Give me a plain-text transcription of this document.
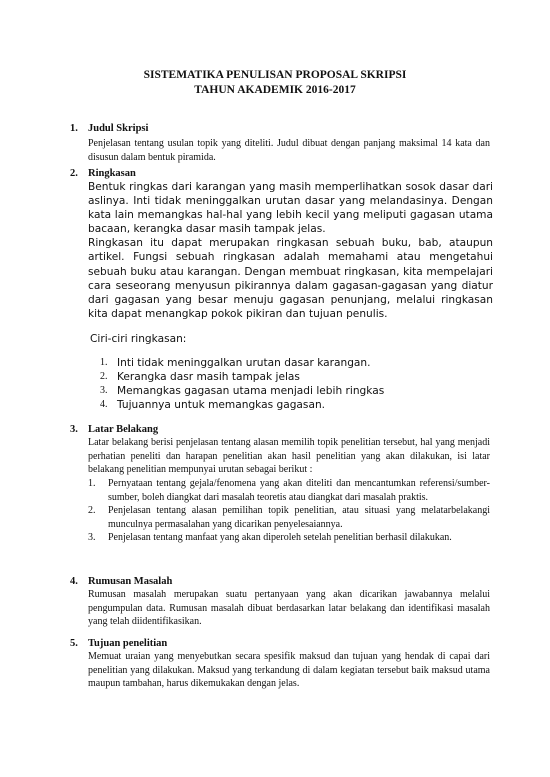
SISTEMATIKA PENULISAN PROPOSAL SKRIPSI
TAHUN AKADEMIK 2016-2017
1. Judul Skripsi
Penjelasan tentang usulan topik yang diteliti. Judul dibuat dengan panjang maksimal 14 kata dan disusun dalam bentuk piramida.
2. Ringkasan

Bentuk ringkas dari karangan yang masih memperlihatkan sosok dasar dari aslinya. Inti tidak meninggalkan urutan dasar yang melandasinya. Dengan kata lain memangkas hal-hal yang lebih kecil yang meliputi gagasan utama bacaan, kerangka dasar masih tampak jelas.

Ringkasan itu dapat merupakan ringkasan sebuah buku, bab, ataupun artikel. Fungsi sebuah ringkasan adalah memahami atau mengetahui sebuah buku atau karangan. Dengan membuat ringkasan, kita mempelajari cara seseorang menyusun pikirannya dalam gagasan-gagasan yang diatur dari gagasan yang besar menuju gagasan penunjang, melalui ringkasan kita dapat menangkap pokok pikiran dan tujuan penulis.

Ciri-ciri ringkasan:
1. Inti tidak meninggalkan urutan dasar karangan.
2. Kerangka dasr masih tampak jelas
3. Memangkas gagasan utama menjadi lebih ringkas
4. Tujuannya untuk memangkas gagasan.
3. Latar Belakang
Latar belakang berisi penjelasan tentang alasan memilih topik penelitian tersebut, hal yang menjadi perhatian peneliti dan harapan penelitian akan hasil penelitian yang akan dilakukan, isi latar belakang penelitian mempunyai urutan sebagai berikut :
1.	Pernyataan tentang gejala/fenomena yang akan diteliti dan mencantumkan referensi/sumber-sumber, boleh diangkat dari masalah teoretis atau diangkat dari masalah praktis.
2.	Penjelasan tentang alasan pemilihan topik penelitian, atau situasi yang melatarbelakangi munculnya permasalahan yang dicarikan penyelesaiannya.
3.	Penjelasan tentang manfaat yang akan diperoleh setelah penelitian berhasil dilakukan.
4. Rumusan Masalah
Rumusan masalah merupakan suatu pertanyaan yang akan dicarikan jawabannya melalui pengumpulan data. Rumusan masalah dibuat berdasarkan latar belakang dan identifikasi masalah yang telah diidentifikasikan.
5. Tujuan penelitian
Memuat uraian yang menyebutkan secara spesifik maksud dan tujuan yang hendak di capai dari penelitian yang dilakukan. Maksud yang terkandung di dalam kegiatan tersebut baik maksud utama maupun tambahan, harus dikemukakan dengan jelas.
